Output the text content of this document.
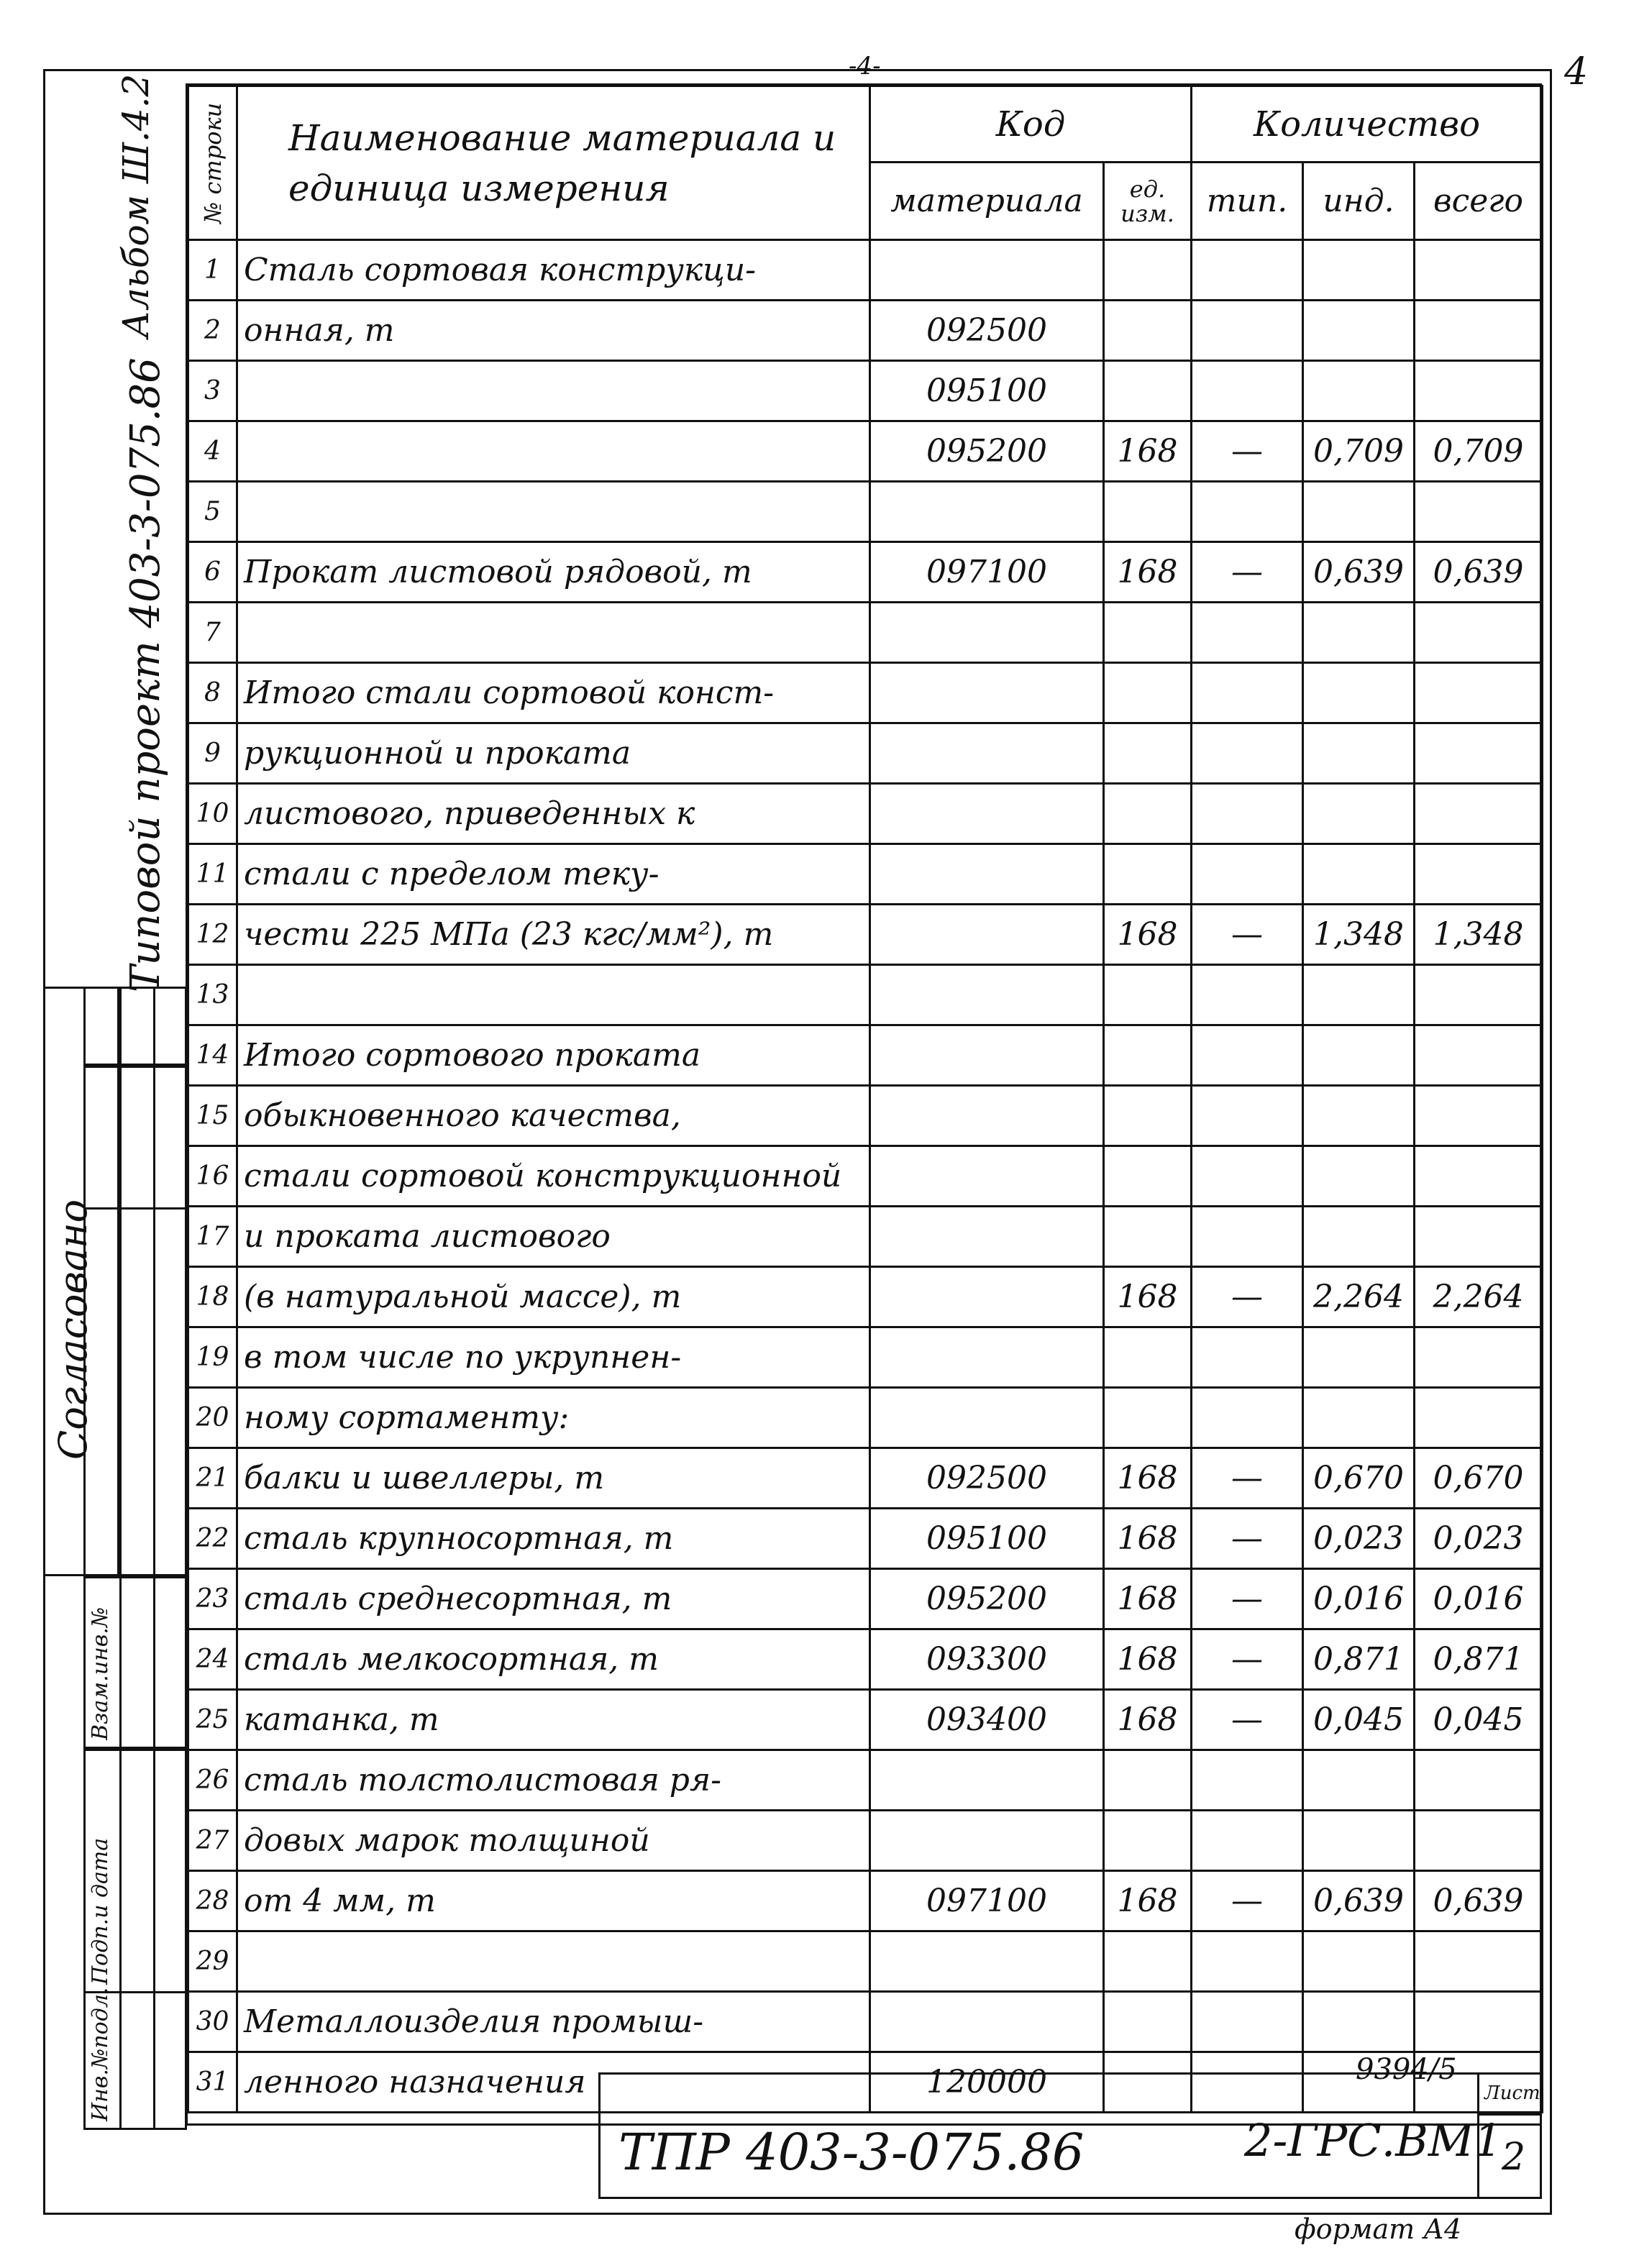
-4-	4
Альбом Ш.4.2
Типовой проект 403-3-075.86
Согласовано
Взам.инв.№
Подп.и дата
Инв.№подл.
№ строки	Наименование материала и единица измерения	Код		Количество		
		материала	ед. изм.	тип.	инд.	всего
1	Сталь сортовая конструкци-					
2	онная, т	092500				
3		095100				
4		095200	168	—	0,709	0,709
5						
6	Прокат листовой рядовой, т	097100	168	—	0,639	0,639
7						
8	Итого стали сортовой конст-					
9	рукционной и проката					
10	листового, приведенных к					
11	стали с пределом теку-					
12	чести 225 МПа (23 кгс/мм²), т		168	—	1,348	1,348
13						
14	Итого сортового проката					
15	обыкновенного качества,					
16	стали сортовой конструкционной					
17	и проката листового					
18	(в натуральной массе), т		168	—	2,264	2,264
19	в том числе по укрупнен-					
20	ному сортаменту:					
21	балки и швеллеры, т	092500	168	—	0,670	0,670
22	сталь крупносортная, т	095100	168	—	0,023	0,023
23	сталь среднесортная, т	095200	168	—	0,016	0,016
24	сталь мелкосортная, т	093300	168	—	0,871	0,871
25	катанка, т	093400	168	—	0,045	0,045
26	сталь толстолистовая ря-					
27	довых марок толщиной					
28	от 4 мм, т	097100	168	—	0,639	0,639
29						
30	Металлоизделия промыш-					
31	ленного назначения	120000					9394/5
Лист
2
ТПР 403-3-075.86	2-ГРС.ВМ1
формат А4
